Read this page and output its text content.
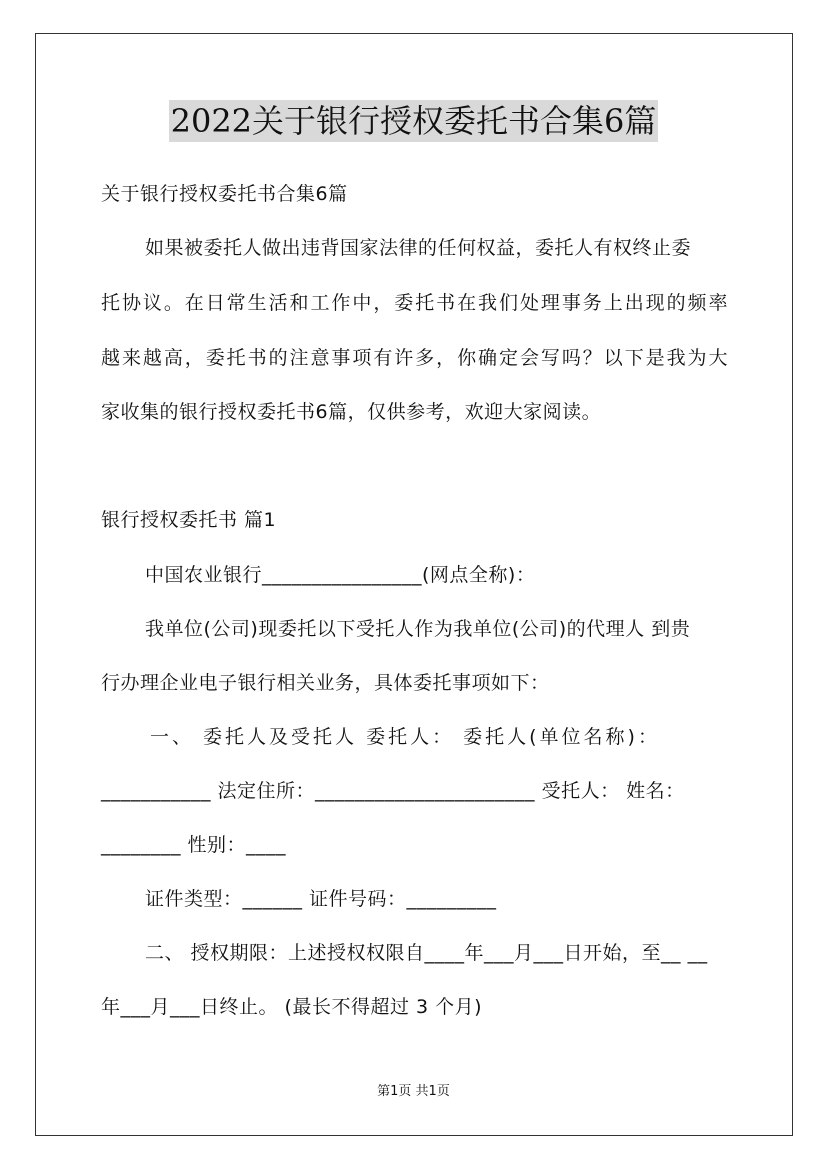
2022关于银行授权委托书合集6篇
关于银行授权委托书合集6篇
如果被委托人做出违背国家法律的任何权益，委托人有权终止委
托协议。在日常生活和工作中，委托书在我们处理事务上出现的频率
越来越高，委托书的注意事项有许多，你确定会写吗？以下是我为大
家收集的银行授权委托书6篇，仅供参考，欢迎大家阅读。
银行授权委托书 篇1
中国农业银行________________(网点全称)：
我单位(公司)现委托以下受托人作为我单位(公司)的代理人 到贵
行办理企业电子银行相关业务，具体委托事项如下：
一、 委托人及受托人 委托人： 委托人(单位名称)：
___________ 法定住所：______________________ 受托人： 姓名：
________ 性别：____
证件类型：______ 证件号码：_________
二、 授权期限：上述授权权限自____年___月___日开始，至__ __
年___月___日终止。 (最长不得超过 3 个月)
第1页 共1页
